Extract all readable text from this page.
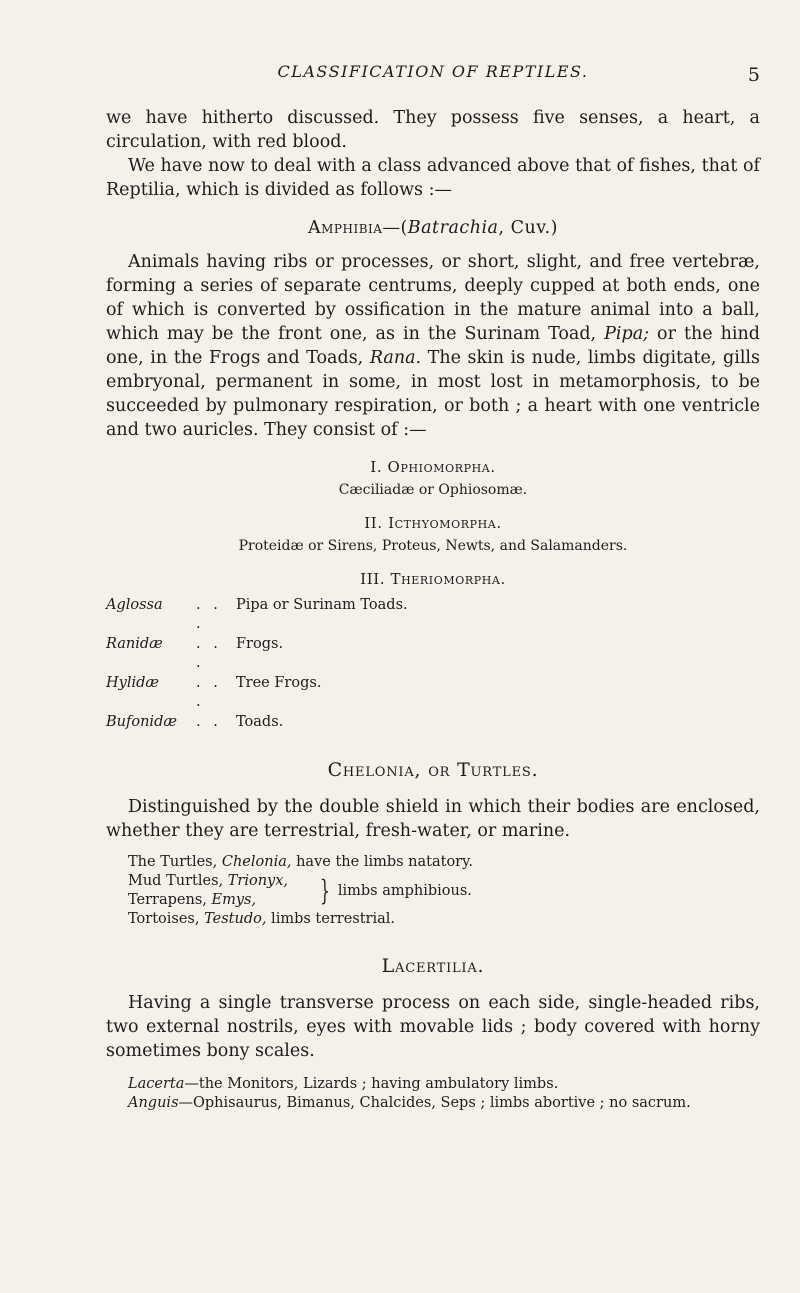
CLASSIFICATION OF REPTILES.	5

we have hitherto discussed. They possess five senses, a heart, a circulation, with red blood.

We have now to deal with a class advanced above that of fishes, that of Reptilia, which is divided as follows :—

Amphibia—(Batrachia, Cuv.)

Animals having ribs or processes, or short, slight, and free vertebræ, forming a series of separate centrums, deeply cupped at both ends, one of which is converted by ossification in the mature animal into a ball, which may be the front one, as in the Surinam Toad, Pipa; or the hind one, in the Frogs and Toads, Rana. The skin is nude, limbs digitate, gills embryonal, permanent in some, in most lost in metamorphosis, to be succeeded by pulmonary respiration, or both ; a heart with one ventricle and two auricles. They consist of :—

I. Ophiomorpha.
Cæciliadæ or Ophiosomæ.
II. Icthyomorpha.
Proteidæ or Sirens, Proteus, Newts, and Salamanders.
III. Theriomorpha.
Aglossa	. . .	Pipa or Surinam Toads.
Ranidæ	. . .	Frogs.
Hylidæ	. . .	Tree Frogs.
Bufonidæ	. .	Toads.
Chelonia, or Turtles.

Distinguished by the double shield in which their bodies are enclosed, whether they are terrestrial, fresh-water, or marine.

The Turtles, Chelonia, have the limbs natatory.
Mud Turtles, Trionyx,
Terrapens, Emys,	} limbs amphibious.
Tortoises, Testudo, limbs terrestrial.
Lacertilia.

Having a single transverse process on each side, single-headed ribs, two external nostrils, eyes with movable lids ; body covered with horny sometimes bony scales.

Lacerta—the Monitors, Lizards ; having ambulatory limbs.

Anguis—Ophisaurus, Bimanus, Chalcides, Seps ; limbs abortive ; no sacrum.
